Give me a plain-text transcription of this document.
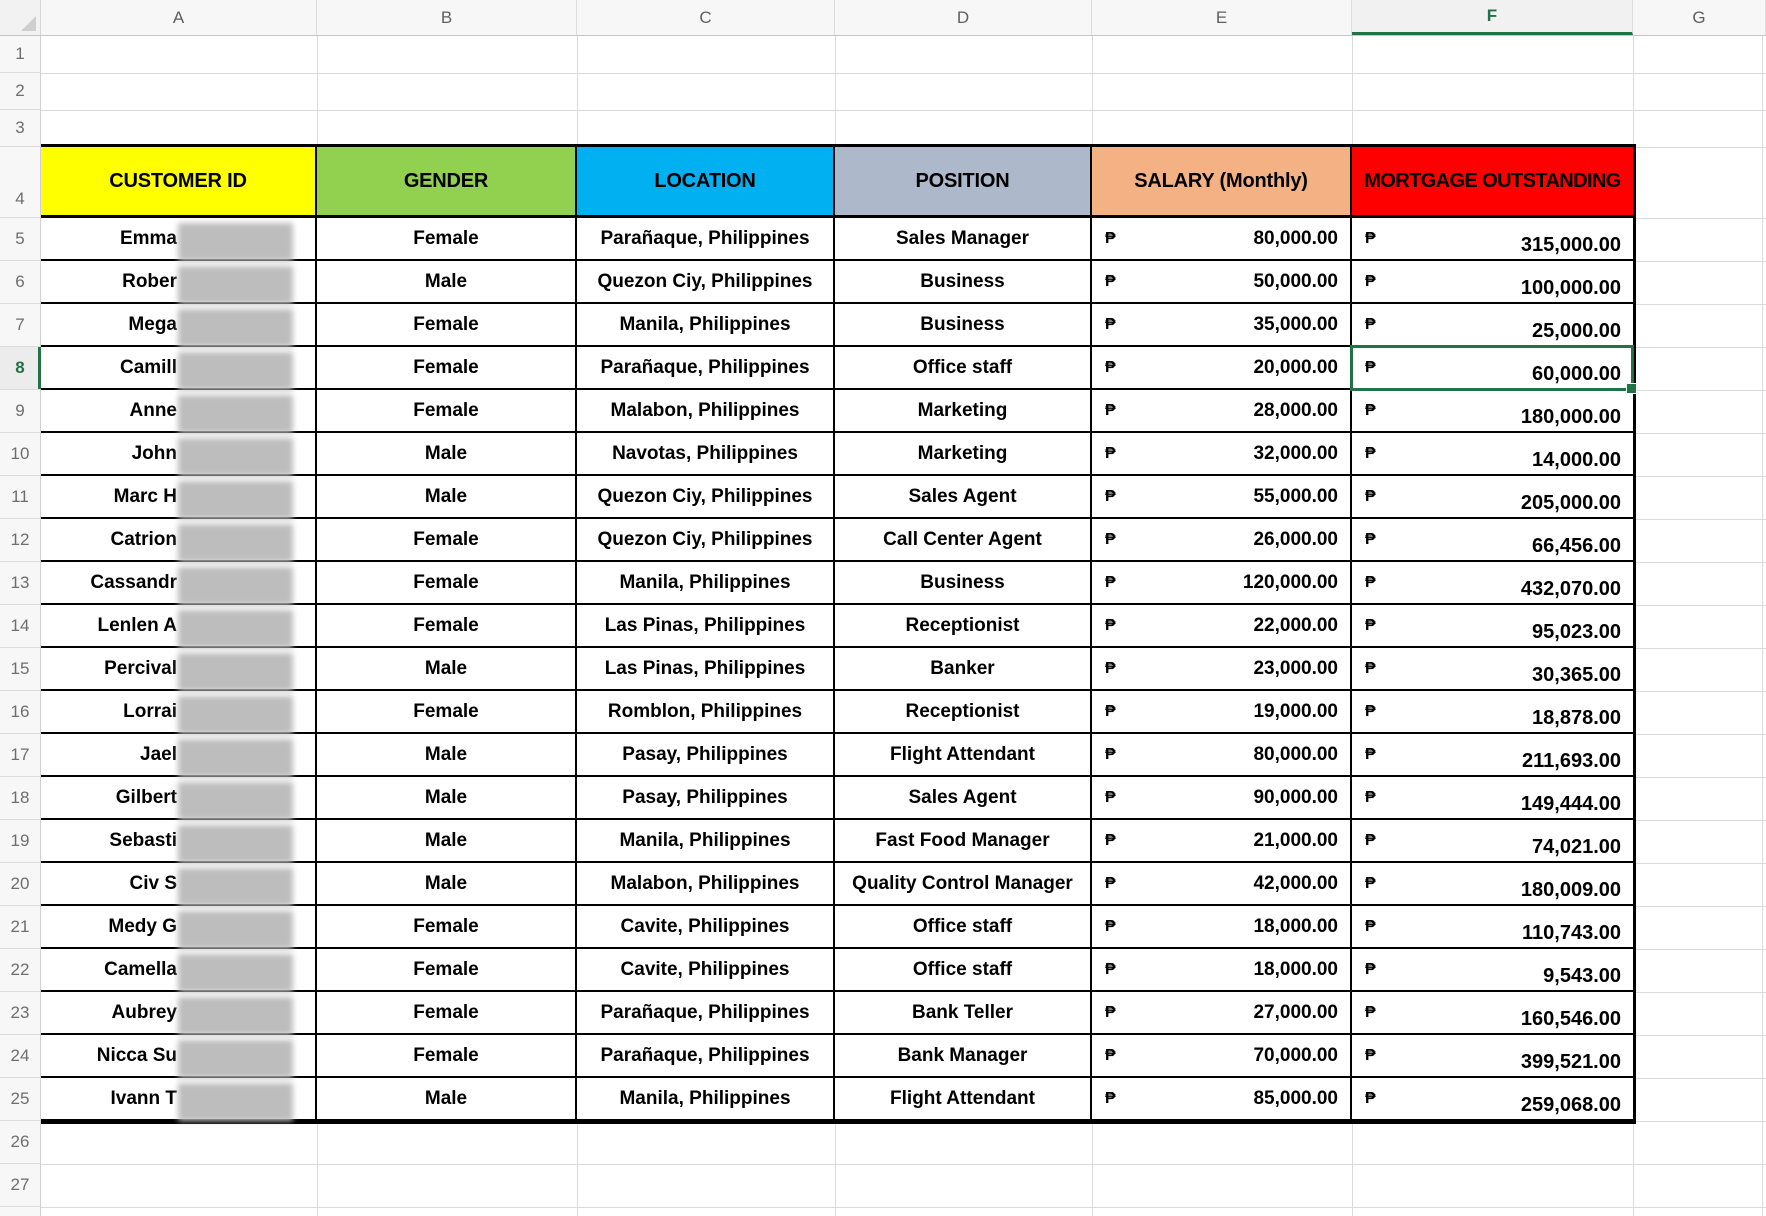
A	B	C	D	E	F	G
1
2
3
4
5
6
7
8
9
10
11
12
13
14
15
16
17
18
19
20
21
22
23
24
25
26
27
CUSTOMER ID	GENDER	LOCATION	POSITION	SALARY (Monthly)	MORTGAGE OUTSTANDING
Emma	Female	Parañaque, Philippines	Sales Manager	₱	80,000.00 ₱	315,000.00
Rober	Male	Quezon Ciy, Philippines	Business	₱	50,000.00 ₱	100,000.00
Mega	Female	Manila, Philippines	Business	₱	35,000.00 ₱	25,000.00
Camill	Female	Parañaque, Philippines	Office staff	₱	20,000.00 ₱	60,000.00
Anne	Female	Malabon, Philippines	Marketing	₱	28,000.00 ₱	180,000.00
John	Male	Navotas, Philippines	Marketing	₱	32,000.00 ₱	14,000.00
Marc H	Male	Quezon Ciy, Philippines	Sales Agent	₱	55,000.00 ₱	205,000.00
Catrion	Female	Quezon Ciy, Philippines	Call Center Agent	₱	26,000.00 ₱	66,456.00
Cassandr	Female	Manila, Philippines	Business	₱	120,000.00 ₱	432,070.00
Lenlen A	Female	Las Pinas, Philippines	Receptionist	₱	22,000.00 ₱	95,023.00
Percival	Male	Las Pinas, Philippines	Banker	₱	23,000.00 ₱	30,365.00
Lorrai	Female	Romblon, Philippines	Receptionist	₱	19,000.00 ₱	18,878.00
Jael	Male	Pasay, Philippines	Flight Attendant	₱	80,000.00 ₱	211,693.00
Gilbert	Male	Pasay, Philippines	Sales Agent	₱	90,000.00 ₱	149,444.00
Sebasti	Male	Manila, Philippines	Fast Food Manager	₱	21,000.00 ₱	74,021.00
Civ S	Male	Malabon, Philippines	Quality Control Manager ₱	42,000.00 ₱	180,009.00
Medy G	Female	Cavite, Philippines	Office staff	₱	18,000.00 ₱	110,743.00
Camella	Female	Cavite, Philippines	Office staff	₱	18,000.00 ₱	9,543.00
Aubrey	Female	Parañaque, Philippines	Bank Teller	₱	27,000.00 ₱	160,546.00
Nicca Su	Female	Parañaque, Philippines	Bank Manager	₱	70,000.00 ₱	399,521.00
Ivann T	Male	Manila, Philippines	Flight Attendant	₱	85,000.00 ₱	259,068.00
